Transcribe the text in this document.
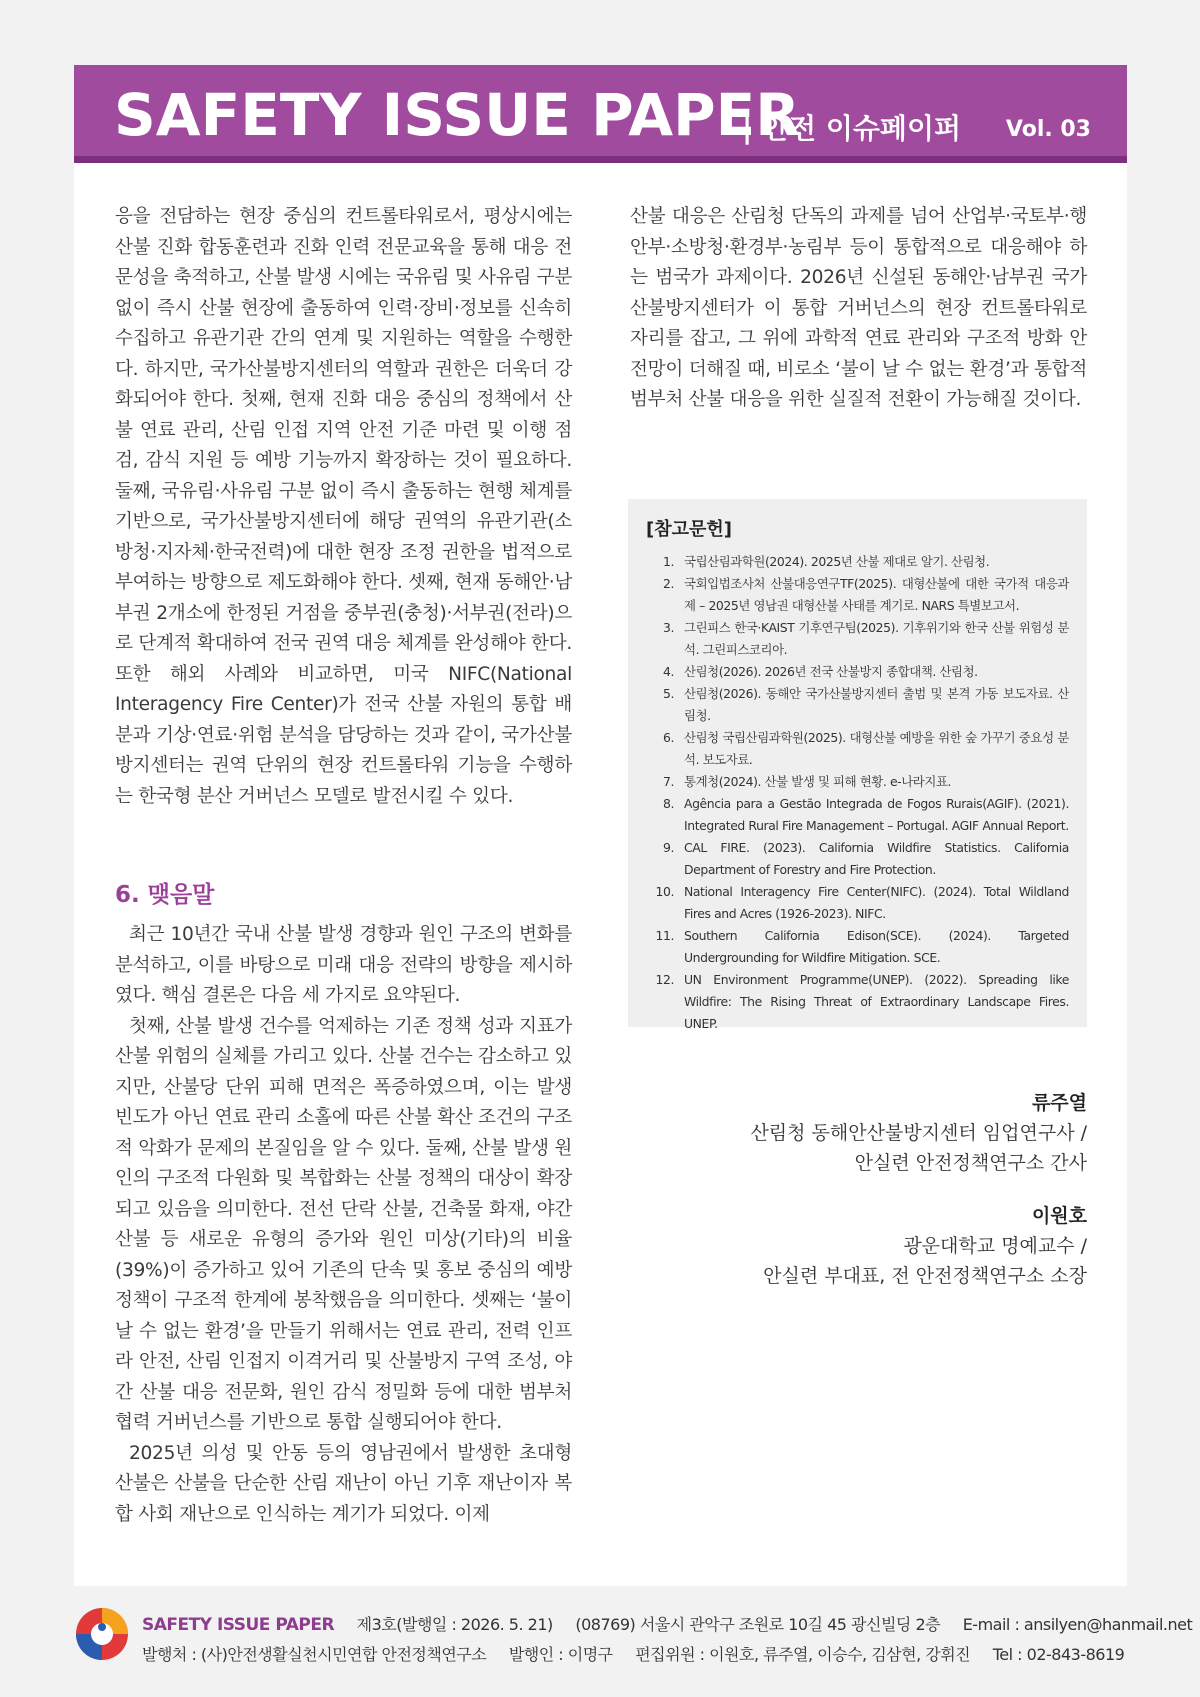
SAFETY ISSUE PAPER
| 안전 이슈페이퍼 Vol. 03

응을 전담하는 현장 중심의 컨트롤타워로서, 평상시에는 산불 진화 합동훈련과 진화 인력 전문교육을 통해 대응 전문성을 축적하고, 산불 발생 시에는 국유림 및 사유림 구분 없이 즉시 산불 현장에 출동하여 인력·장비·정보를 신속히 수집하고 유관기관 간의 연계 및 지원하는 역할을 수행한다. 하지만, 국가산불방지센터의 역할과 권한은 더욱더 강화되어야 한다. 첫째, 현재 진화 대응 중심의 정책에서 산불 연료 관리, 산림 인접 지역 안전 기준 마련 및 이행 점검, 감식 지원 등 예방 기능까지 확장하는 것이 필요하다. 둘째, 국유림·사유림 구분 없이 즉시 출동하는 현행 체계를 기반으로, 국가산불방지센터에 해당 권역의 유관기관(소방청·지자체·한국전력)에 대한 현장 조정 권한을 법적으로 부여하는 방향으로 제도화해야 한다. 셋째, 현재 동해안·남부권 2개소에 한정된 거점을 중부권(충청)·서부권(전라)으로 단계적 확대하여 전국 권역 대응 체계를 완성해야 한다. 또한 해외 사례와 비교하면, 미국 NIFC(National Interagency Fire Center)가 전국 산불 자원의 통합 배분과 기상·연료·위험 분석을 담당하는 것과 같이, 국가산불방지센터는 권역 단위의 현장 컨트롤타워 기능을 수행하는 한국형 분산 거버넌스 모델로 발전시킬 수 있다.

6. 맺음말

최근 10년간 국내 산불 발생 경향과 원인 구조의 변화를 분석하고, 이를 바탕으로 미래 대응 전략의 방향을 제시하였다. 핵심 결론은 다음 세 가지로 요약된다.

첫째, 산불 발생 건수를 억제하는 기존 정책 성과 지표가 산불 위험의 실체를 가리고 있다. 산불 건수는 감소하고 있지만, 산불당 단위 피해 면적은 폭증하였으며, 이는 발생 빈도가 아닌 연료 관리 소홀에 따른 산불 확산 조건의 구조적 악화가 문제의 본질임을 알 수 있다. 둘째, 산불 발생 원인의 구조적 다원화 및 복합화는 산불 정책의 대상이 확장되고 있음을 의미한다. 전선 단락 산불, 건축물 화재, 야간 산불 등 새로운 유형의 증가와 원인 미상(기타)의 비율(39%)이 증가하고 있어 기존의 단속 및 홍보 중심의 예방 정책이 구조적 한계에 봉착했음을 의미한다. 셋째는 ‘불이 날 수 없는 환경’을 만들기 위해서는 연료 관리, 전력 인프라 안전, 산림 인접지 이격거리 및 산불방지 구역 조성, 야간 산불 대응 전문화, 원인 감식 정밀화 등에 대한 범부처 협력 거버넌스를 기반으로 통합 실행되어야 한다.

2025년 의성 및 안동 등의 영남권에서 발생한 초대형 산불은 산불을 단순한 산림 재난이 아닌 기후 재난이자 복합 사회 재난으로 인식하는 계기가 되었다. 이제

산불 대응은 산림청 단독의 과제를 넘어 산업부·국토부·행안부·소방청·환경부·농림부 등이 통합적으로 대응해야 하는 범국가 과제이다. 2026년 신설된 동해안·남부권 국가산불방지센터가 이 통합 거버넌스의 현장 컨트롤타워로 자리를 잡고, 그 위에 과학적 연료 관리와 구조적 방화 안전망이 더해질 때, 비로소 ‘불이 날 수 없는 환경’과 통합적 범부처 산불 대응을 위한 실질적 전환이 가능해질 것이다.

[참고문헌]
1. 국립산림과학원(2024). 2025년 산불 제대로 알기. 산림청.
2. 국회입법조사처 산불대응연구TF(2025). 대형산불에 대한 국가적 대응과제 – 2025년 영남권 대형산불 사태를 계기로. NARS 특별보고서.
3. 그린피스 한국·KAIST 기후연구팀(2025). 기후위기와 한국 산불 위험성 분석. 그린피스코리아.
4. 산림청(2026). 2026년 전국 산불방지 종합대책. 산림청.
5. 산림청(2026). 동해안 국가산불방지센터 출범 및 본격 가동 보도자료. 산림청.
6. 산림청 국립산림과학원(2025). 대형산불 예방을 위한 숲 가꾸기 중요성 분석. 보도자료.
7. 통계청(2024). 산불 발생 및 피해 현황. e-나라지표.
8. Agência para a Gestão Integrada de Fogos Rurais(AGIF). (2021). Integrated Rural Fire Management – Portugal. AGIF Annual Report.
9. CAL FIRE. (2023). California Wildfire Statistics. California Department of Forestry and Fire Protection.
10. National Interagency Fire Center(NIFC). (2024). Total Wildland Fires and Acres (1926-2023). NIFC.
11. Southern California Edison(SCE). (2024). Targeted Undergrounding for Wildfire Mitigation. SCE.
12. UN Environment Programme(UNEP). (2022). Spreading like Wildfire: The Rising Threat of Extraordinary Landscape Fires. UNEP.
류주열
산림청 동해안산불방지센터 임업연구사 /
안실련 안전정책연구소 간사
이원호
광운대학교 명예교수 /
안실련 부대표, 전 안전정책연구소 소장
SAFETY ISSUE PAPER 제3호(발행일 : 2026. 5. 21) (08769) 서울시 관악구 조원로 10길 45 광신빌딩 2층 E-mail : ansilyen@hanmail.net
발행처 : (사)안전생활실천시민연합 안전정책연구소 발행인 : 이명구 편집위원 : 이원호, 류주열, 이승수, 김삼현, 강휘진 Tel : 02-843-8619
